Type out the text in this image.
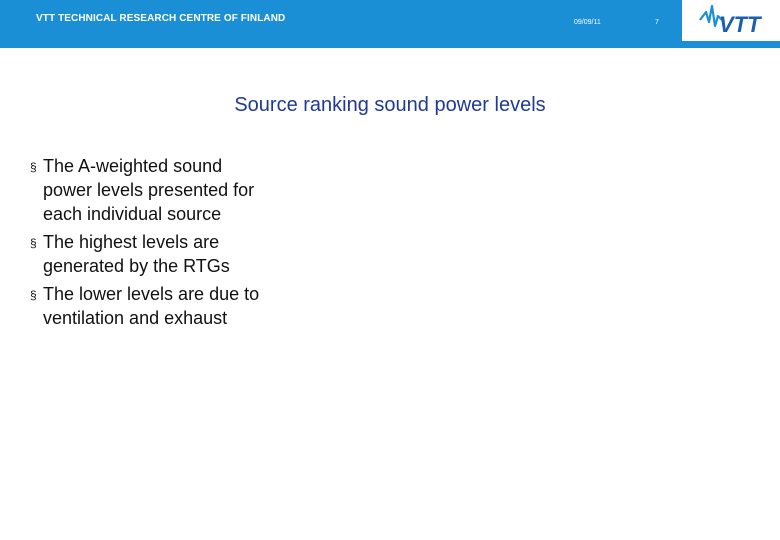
VTT TECHNICAL RESEARCH CENTRE OF FINLAND	09/09/11	7	VTT
Source ranking sound power levels
§ The A-weighted sound power levels presented for each individual source
§ The highest levels are generated by the RTGs
§ The lower levels are due to ventilation and exhaust
